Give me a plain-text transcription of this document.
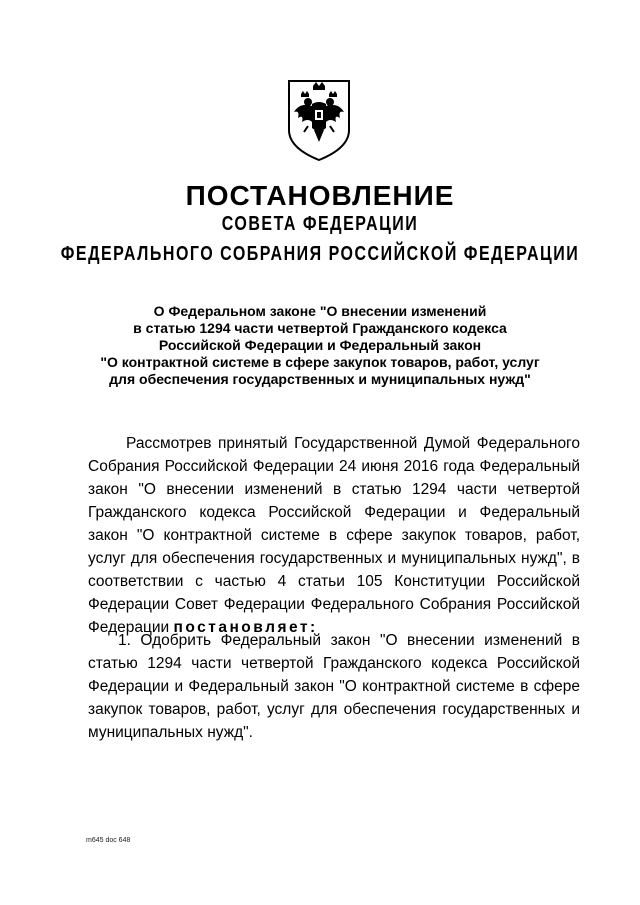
ПОСТАНОВЛЕНИЕ
СОВЕТА ФЕДЕРАЦИИ
ФЕДЕРАЛЬНОГО СОБРАНИЯ РОССИЙСКОЙ ФЕДЕРАЦИИ
О Федеральном законе "О внесении изменений
в статью 1294 части четвертой Гражданского кодекса
Российской Федерации и Федеральный закон
"О контрактной системе в сфере закупок товаров, работ, услуг
для обеспечения государственных и муниципальных нужд"
Рассмотрев принятый Государственной Думой Федерального
Собрания Российской Федерации 24 июня 2016 года Федеральный
закон "О внесении изменений в статью 1294 части четвертой
Гражданского кодекса Российской Федерации и Федеральный
закон "О контрактной системе в сфере закупок товаров, работ,
услуг для обеспечения государственных и муниципальных нужд", в
соответствии с частью 4 статьи 105 Конституции Российской
Федерации Совет Федерации Федерального Собрания Российской
Федерации постановляет:
1. Одобрить Федеральный закон "О внесении изменений в
статью 1294 части четвертой Гражданского кодекса Российской
Федерации и Федеральный закон "О контрактной системе в сфере
закупок товаров, работ, услуг для обеспечения государственных и
муниципальных нужд".
m645 doc 648
